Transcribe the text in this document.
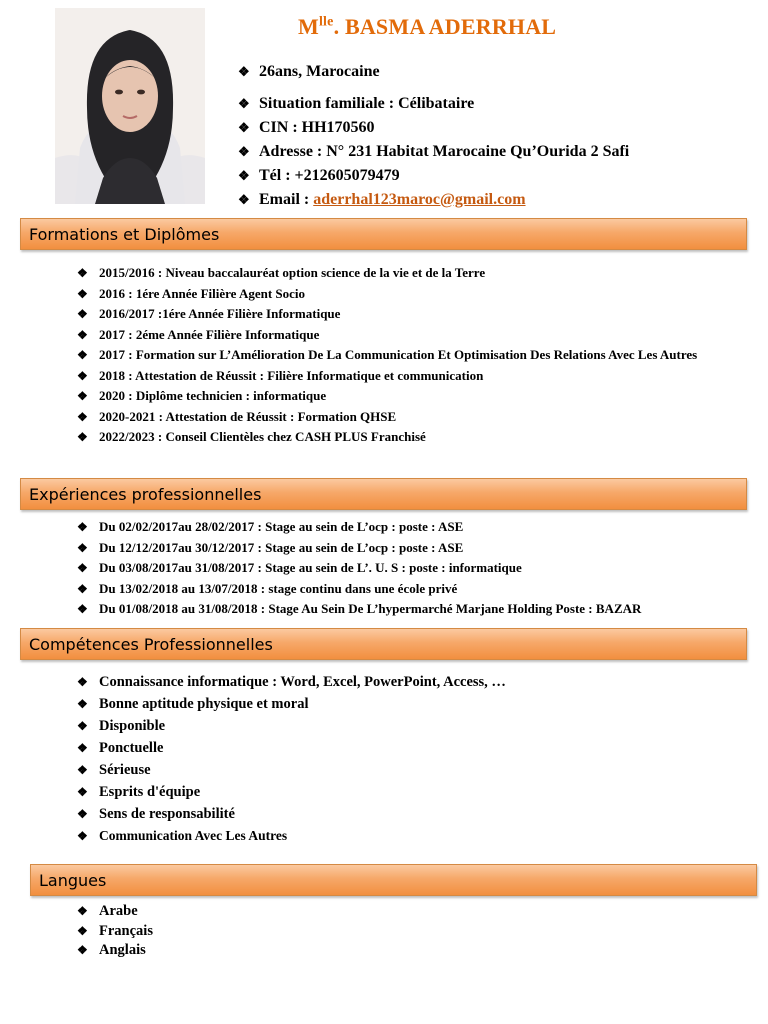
$M^{lle}$. BASMA ADERRHAL
❖ 26ans, Marocaine
❖ Situation familiale : Célibataire
❖ CIN : HH170560
❖ Adresse : N° 231 Habitat Marocaine Qu’Ourida 2 Safi
❖ Tél : +212605079479
❖ Email : aderrhal123maroc@gmail.com
Formations et Diplômes
❖ 2015/2016 : Niveau baccalauréat option science de la vie et de la Terre
❖ 2016 : 1ére Année Filière Agent Socio
❖ 2016/2017 :1ére Année Filière Informatique
❖ 2017 : 2éme Année Filière Informatique
❖ 2017 : Formation sur L’Amélioration De La Communication Et Optimisation Des Relations Avec Les Autres
❖ 2018 : Attestation de Réussit : Filière Informatique et communication
❖ 2020 : Diplôme technicien : informatique
❖ 2020-2021 : Attestation de Réussit : Formation QHSE
❖ 2022/2023 : Conseil Clientèles chez CASH PLUS Franchisé
Expériences professionnelles
❖ Du 02/02/2017au 28/02/2017 : Stage au sein de L’ocp : poste : ASE
❖ Du 12/12/2017au 30/12/2017 : Stage au sein de L’ocp : poste : ASE
❖ Du 03/08/2017au 31/08/2017 : Stage au sein de L’. U. S : poste : informatique
❖ Du 13/02/2018 au 13/07/2018 : stage continu dans une école privé
❖ Du 01/08/2018 au 31/08/2018 : Stage Au Sein De L’hypermarché Marjane Holding Poste : BAZAR
Compétences Professionnelles
❖ Connaissance informatique : Word, Excel, PowerPoint, Access, …
❖ Bonne aptitude physique et moral
❖ Disponible
❖ Ponctuelle
❖ Sérieuse
❖ Esprits d'équipe
❖ Sens de responsabilité
❖ Communication Avec Les Autres
Langues
❖ Arabe
❖ Français
❖ Anglais
